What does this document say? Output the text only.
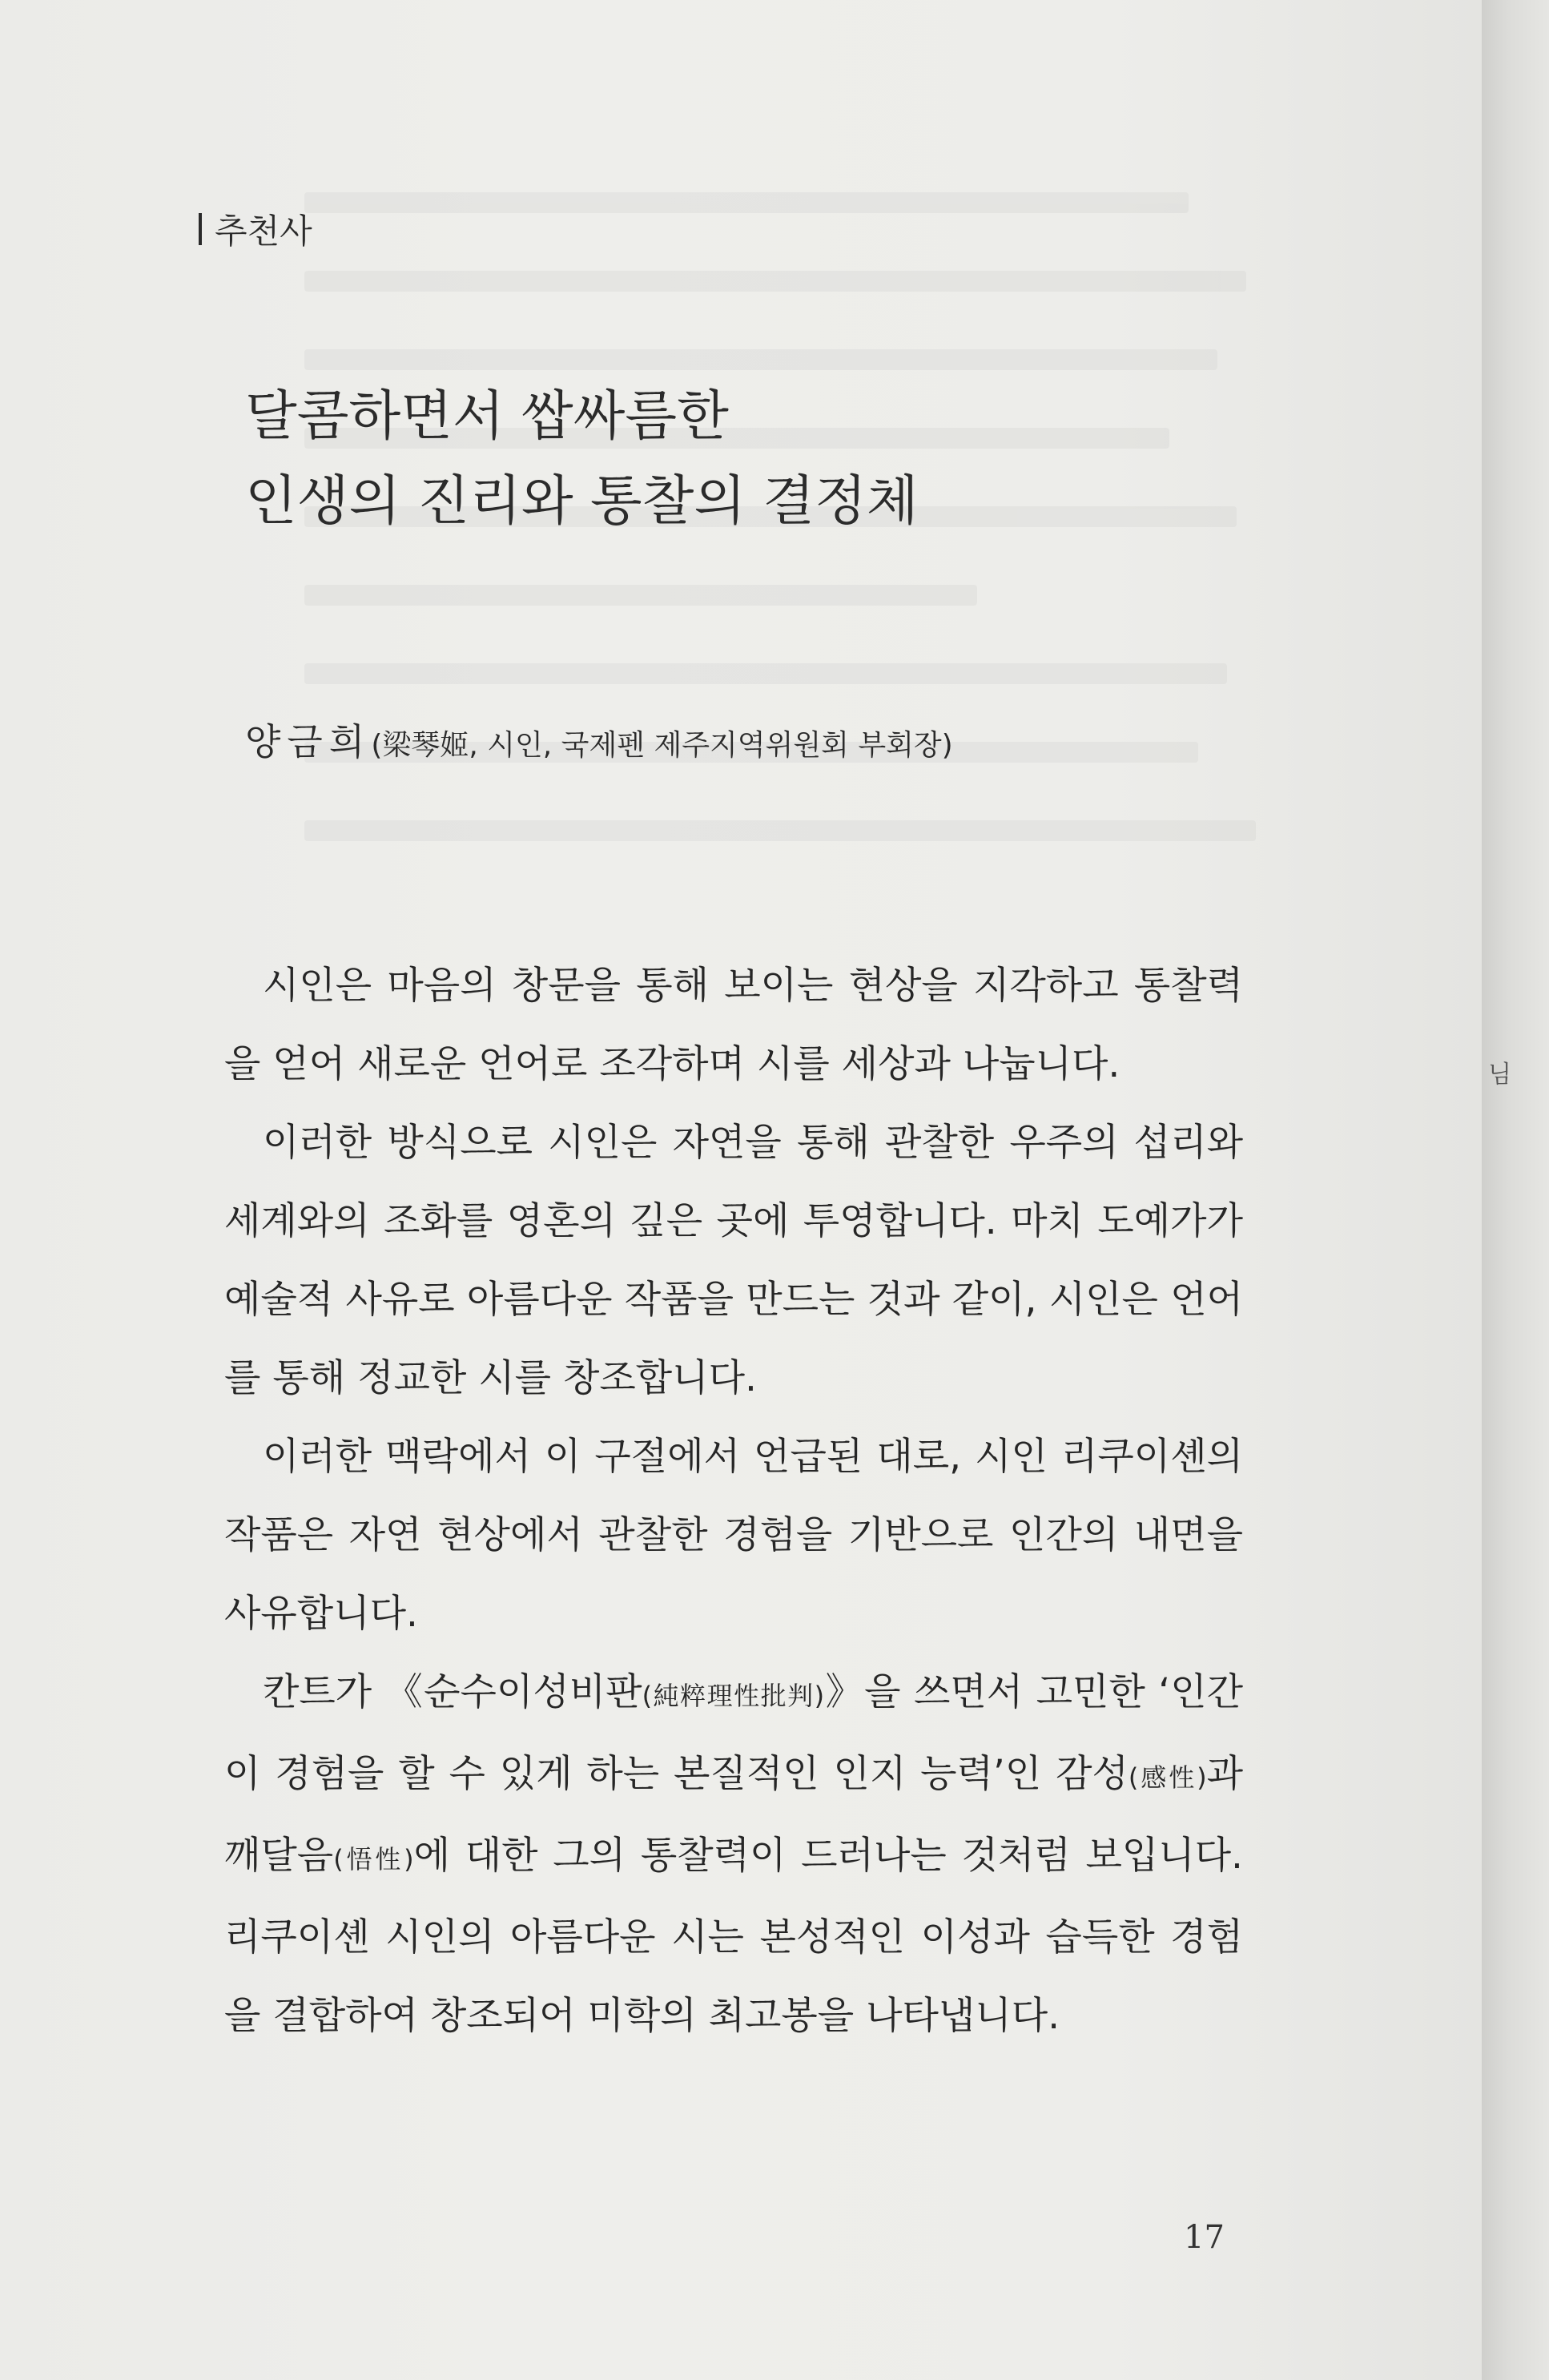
추천사
달콤하면서 쌉싸름한
인생의 진리와 통찰의 결정체
양금희(梁琴姬, 시인, 국제펜 제주지역위원회 부회장)

시인은 마음의 창문을 통해 보이는 현상을 지각하고 통찰력을 얻어 새로운 언어로 조각하며 시를 세상과 나눕니다.

이러한 방식으로 시인은 자연을 통해 관찰한 우주의 섭리와 세계와의 조화를 영혼의 깊은 곳에 투영합니다. 마치 도예가가 예술적 사유로 아름다운 작품을 만드는 것과 같이, 시인은 언어를 통해 정교한 시를 창조합니다.

이러한 맥락에서 이 구절에서 언급된 대로, 시인 리쿠이셴의 작품은 자연 현상에서 관찰한 경험을 기반으로 인간의 내면을 사유합니다.

칸트가 《순수이성비판(純粹理性批判)》을 쓰면서 고민한 ‘인간이 경험을 할 수 있게 하는 본질적인 인지 능력’인 감성(感性)과 깨달음(悟性)에 대한 그의 통찰력이 드러나는 것처럼 보입니다. 리쿠이셴 시인의 아름다운 시는 본성적인 이성과 습득한 경험을 결합하여 창조되어 미학의 최고봉을 나타냅니다.

17
님
